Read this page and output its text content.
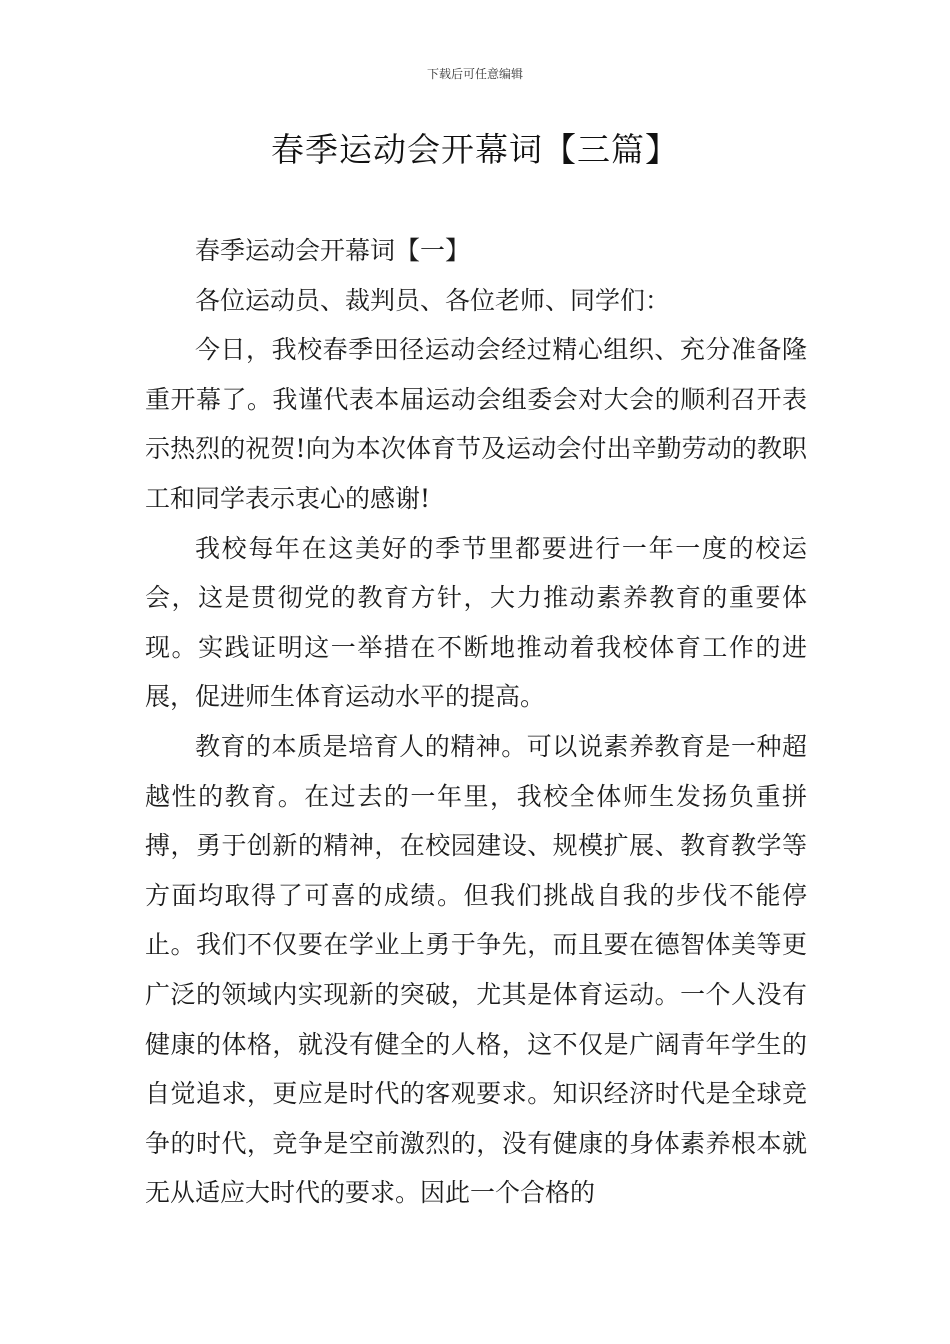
下载后可任意编辑
春季运动会开幕词【三篇】

春季运动会开幕词【一】

各位运动员、裁判员、各位老师、同学们：

今日，我校春季田径运动会经过精心组织、充分准备隆重开幕了。我谨代表本届运动会组委会对大会的顺利召开表示热烈的祝贺!向为本次体育节及运动会付出辛勤劳动的教职工和同学表示衷心的感谢!

我校每年在这美好的季节里都要进行一年一度的校运会，这是贯彻党的教育方针，大力推动素养教育的重要体现。实践证明这一举措在不断地推动着我校体育工作的进展，促进师生体育运动水平的提高。

教育的本质是培育人的精神。可以说素养教育是一种超越性的教育。在过去的一年里，我校全体师生发扬负重拼搏，勇于创新的精神，在校园建设、规模扩展、教育教学等方面均取得了可喜的成绩。但我们挑战自我的步伐不能停止。我们不仅要在学业上勇于争先，而且要在德智体美等更广泛的领域内实现新的突破，尤其是体育运动。一个人没有健康的体格，就没有健全的人格，这不仅是广阔青年学生的自觉追求，更应是时代的客观要求。知识经济时代是全球竞争的时代，竞争是空前激烈的，没有健康的身体素养根本就无从适应大时代的要求。因此一个合格的
